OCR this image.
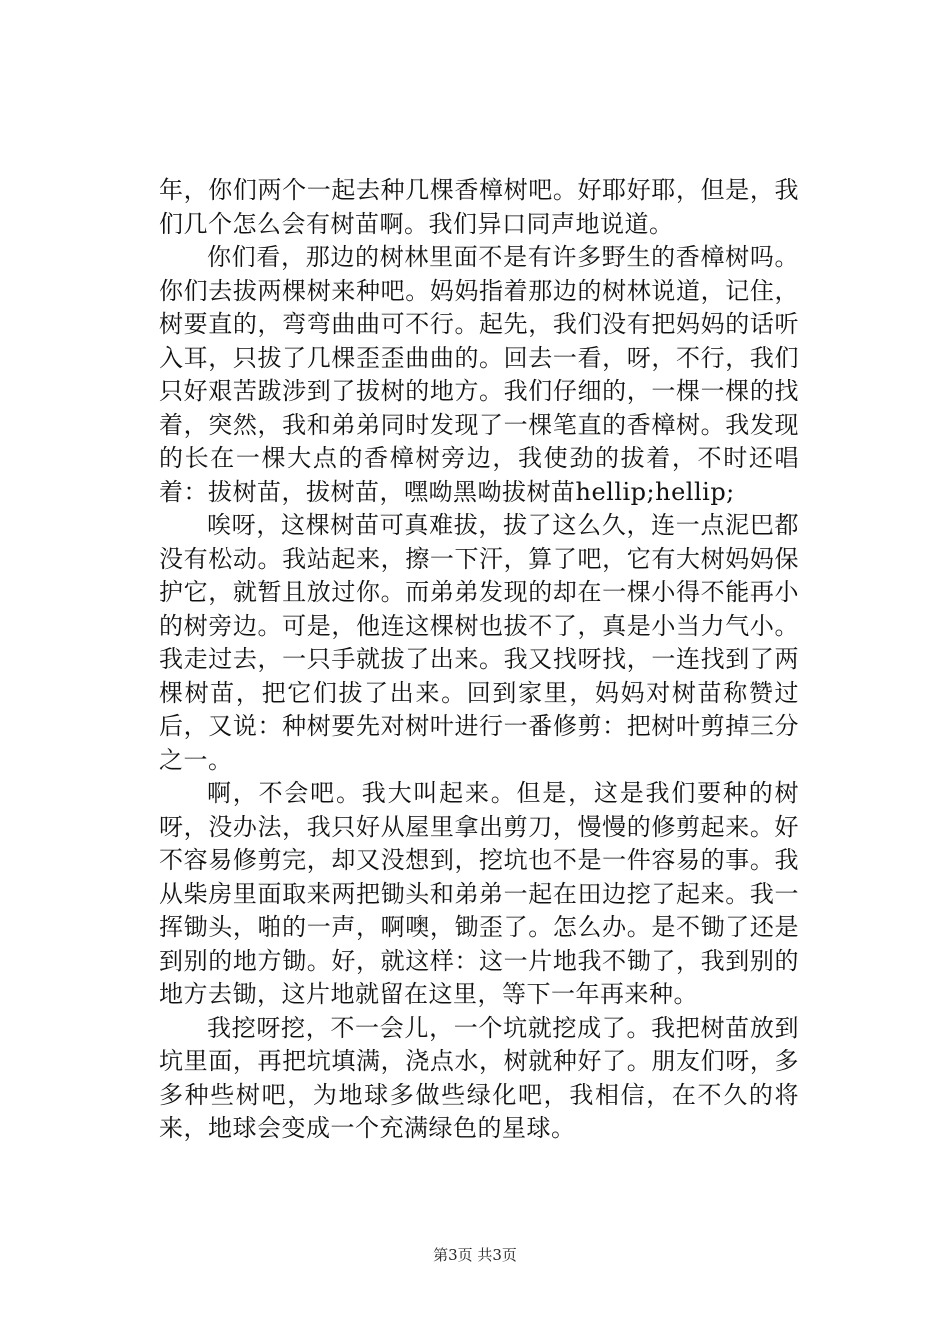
年，你们两个一起去种几棵香樟树吧。好耶好耶，但是，我们几个怎么会有树苗啊。我们异口同声地说道。

你们看，那边的树林里面不是有许多野生的香樟树吗。你们去拔两棵树来种吧。妈妈指着那边的树林说道，记住，树要直的，弯弯曲曲可不行。起先，我们没有把妈妈的话听入耳，只拔了几棵歪歪曲曲的。回去一看，呀，不行，我们只好艰苦跋涉到了拔树的地方。我们仔细的，一棵一棵的找着，突然，我和弟弟同时发现了一棵笔直的香樟树。我发现的长在一棵大点的香樟树旁边，我使劲的拔着，不时还唱着：拔树苗，拔树苗，嘿呦黑呦拔树苗hellip;hellip;

唉呀，这棵树苗可真难拔，拔了这么久，连一点泥巴都没有松动。我站起来，擦一下汗，算了吧，它有大树妈妈保护它，就暂且放过你。而弟弟发现的却在一棵小得不能再小的树旁边。可是，他连这棵树也拔不了，真是小当力气小。我走过去，一只手就拔了出来。我又找呀找，一连找到了两棵树苗，把它们拔了出来。回到家里，妈妈对树苗称赞过后，又说：种树要先对树叶进行一番修剪：把树叶剪掉三分之一。

啊，不会吧。我大叫起来。但是，这是我们要种的树呀，没办法，我只好从屋里拿出剪刀，慢慢的修剪起来。好不容易修剪完，却又没想到，挖坑也不是一件容易的事。我从柴房里面取来两把锄头和弟弟一起在田边挖了起来。我一挥锄头，啪的一声，啊噢，锄歪了。怎么办。是不锄了还是到别的地方锄。好，就这样：这一片地我不锄了，我到别的地方去锄，这片地就留在这里，等下一年再来种。

我挖呀挖，不一会儿，一个坑就挖成了。我把树苗放到坑里面，再把坑填满，浇点水，树就种好了。朋友们呀，多多种些树吧，为地球多做些绿化吧，我相信，在不久的将来，地球会变成一个充满绿色的星球。

第3页 共3页
